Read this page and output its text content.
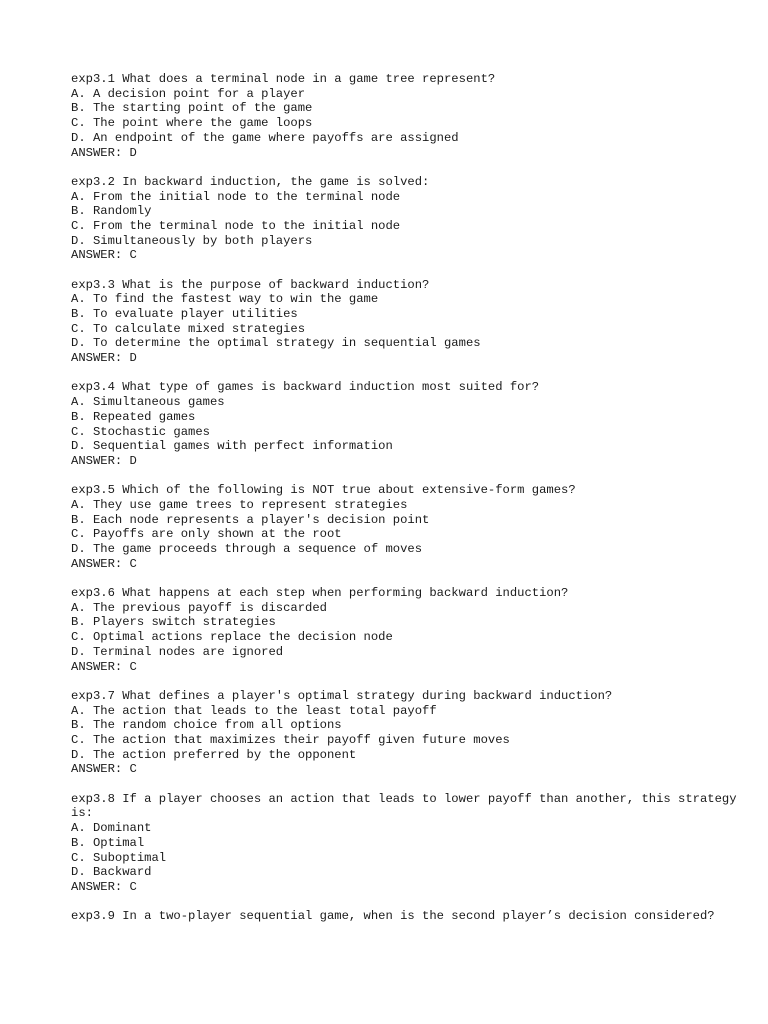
exp3.1 What does a terminal node in a game tree represent?
A. A decision point for a player
B. The starting point of the game
C. The point where the game loops
D. An endpoint of the game where payoffs are assigned
ANSWER: D
exp3.2 In backward induction, the game is solved:
A. From the initial node to the terminal node
B. Randomly
C. From the terminal node to the initial node
D. Simultaneously by both players
ANSWER: C
exp3.3 What is the purpose of backward induction?
A. To find the fastest way to win the game
B. To evaluate player utilities
C. To calculate mixed strategies
D. To determine the optimal strategy in sequential games
ANSWER: D
exp3.4 What type of games is backward induction most suited for?
A. Simultaneous games
B. Repeated games
C. Stochastic games
D. Sequential games with perfect information
ANSWER: D
exp3.5 Which of the following is NOT true about extensive-form games?
A. They use game trees to represent strategies
B. Each node represents a player's decision point
C. Payoffs are only shown at the root
D. The game proceeds through a sequence of moves
ANSWER: C
exp3.6 What happens at each step when performing backward induction?
A. The previous payoff is discarded
B. Players switch strategies
C. Optimal actions replace the decision node
D. Terminal nodes are ignored
ANSWER: C
exp3.7 What defines a player's optimal strategy during backward induction?
A. The action that leads to the least total payoff
B. The random choice from all options
C. The action that maximizes their payoff given future moves
D. The action preferred by the opponent
ANSWER: C
exp3.8 If a player chooses an action that leads to lower payoff than another, this strategy is:
A. Dominant
B. Optimal
C. Suboptimal
D. Backward
ANSWER: C
exp3.9 In a two-player sequential game, when is the second player’s decision considered?
